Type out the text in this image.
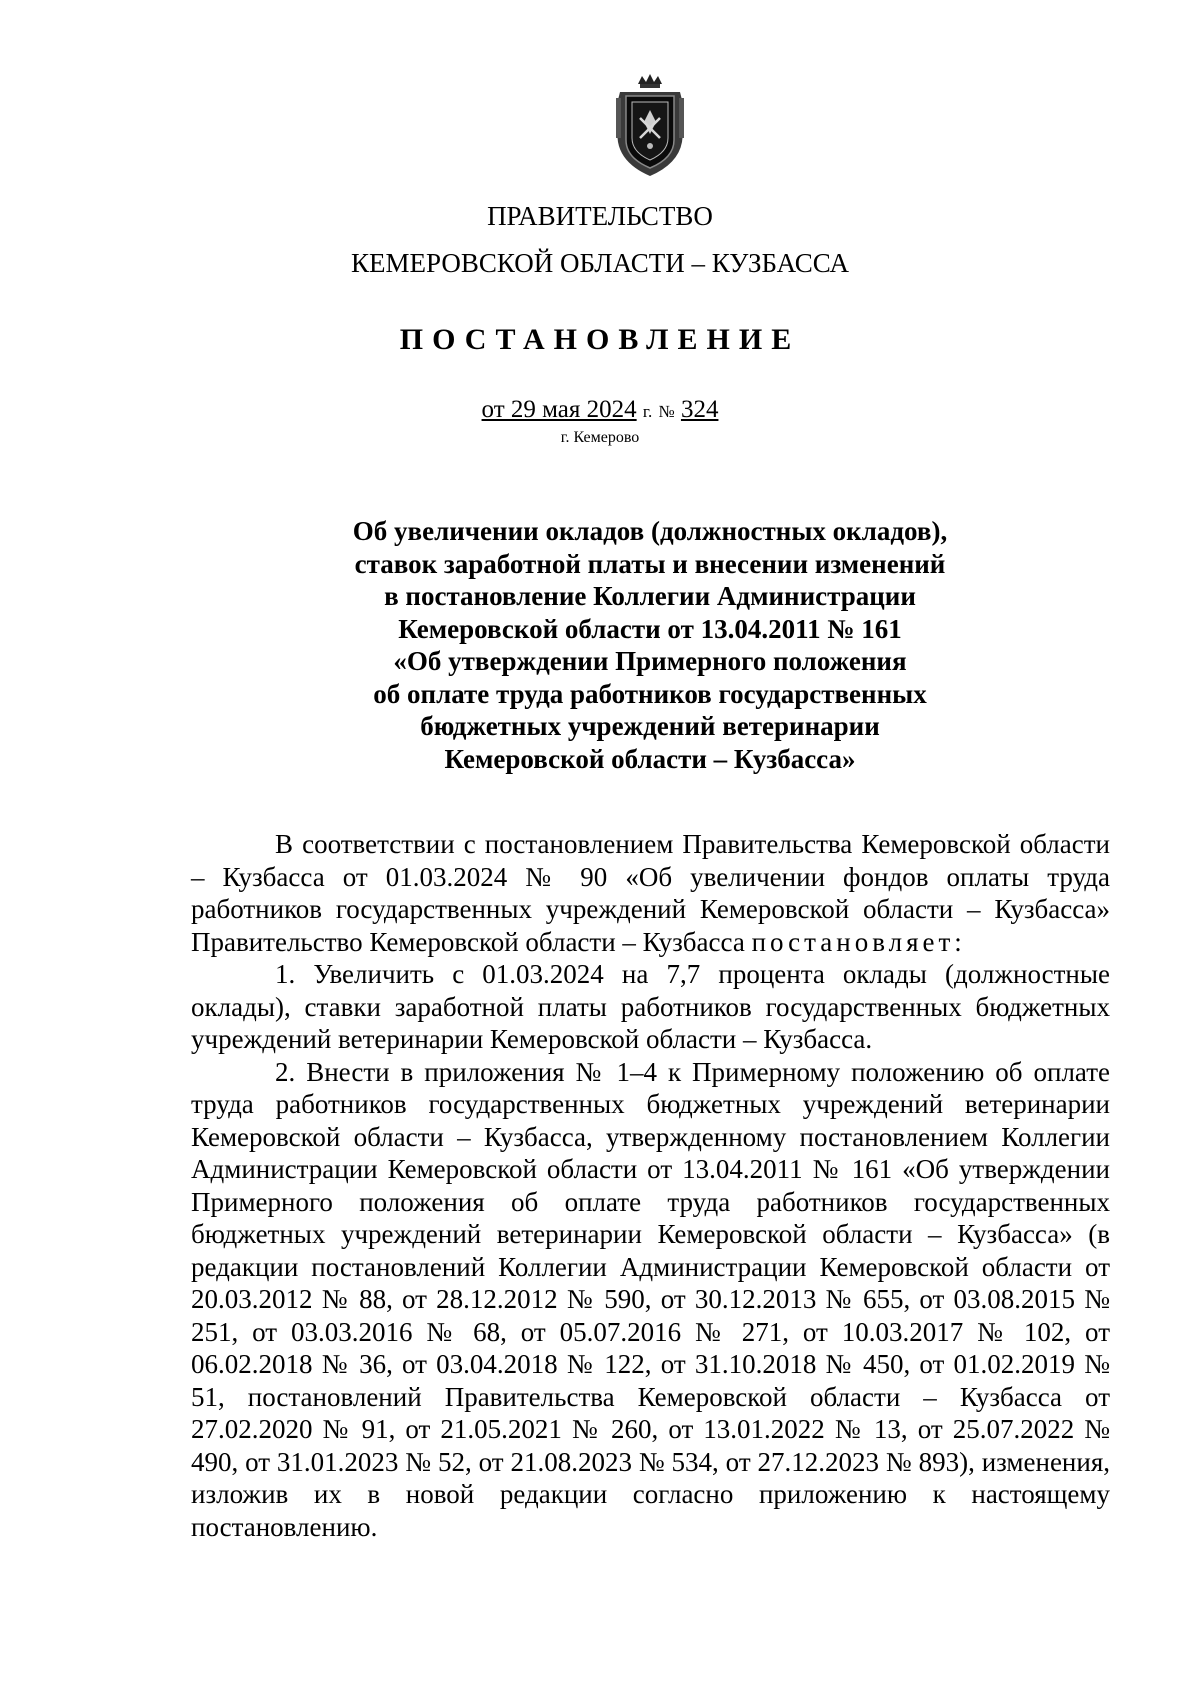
ПРАВИТЕЛЬСТВО
КЕМЕРОВСКОЙ ОБЛАСТИ – КУЗБАССА
ПОСТАНОВЛЕНИЕ
от 29 мая 2024 г. № 324
г. Кемерово
Об увеличении окладов (должностных окладов),
ставок заработной платы и внесении изменений
в постановление Коллегии Администрации
Кемеровской области от 13.04.2011 № 161
«Об утверждении Примерного положения
об оплате труда работников государственных
бюджетных учреждений ветеринарии
Кемеровской области – Кузбасса»

В соответствии с постановлением Правительства Кемеровской области – Кузбасса от 01.03.2024 № 90 «Об увеличении фондов оплаты труда работников государственных учреждений Кемеровской области – Кузбасса» Правительство Кемеровской области – Кузбасса постановляет:

1. Увеличить с 01.03.2024 на 7,7 процента оклады (должностные оклады), ставки заработной платы работников государственных бюджетных учреждений ветеринарии Кемеровской области – Кузбасса.

2. Внести в приложения № 1–4 к Примерному положению об оплате труда работников государственных бюджетных учреждений ветеринарии Кемеровской области – Кузбасса, утвержденному постановлением Коллегии Администрации Кемеровской области от 13.04.2011 № 161 «Об утверждении Примерного положения об оплате труда работников государственных бюджетных учреждений ветеринарии Кемеровской области – Кузбасса» (в редакции постановлений Коллегии Администрации Кемеровской области от 20.03.2012 № 88, от 28.12.2012 № 590, от 30.12.2013 № 655, от 03.08.2015 № 251, от 03.03.2016 № 68, от 05.07.2016 № 271, от 10.03.2017 № 102, от 06.02.2018 № 36, от 03.04.2018 № 122, от 31.10.2018 № 450, от 01.02.2019 № 51, постановлений Правительства Кемеровской области – Кузбасса от 27.02.2020 № 91, от 21.05.2021 № 260, от 13.01.2022 № 13, от 25.07.2022 № 490, от 31.01.2023 № 52, от 21.08.2023 № 534, от 27.12.2023 № 893), изменения, изложив их в новой редакции согласно приложению к настоящему постановлению.
